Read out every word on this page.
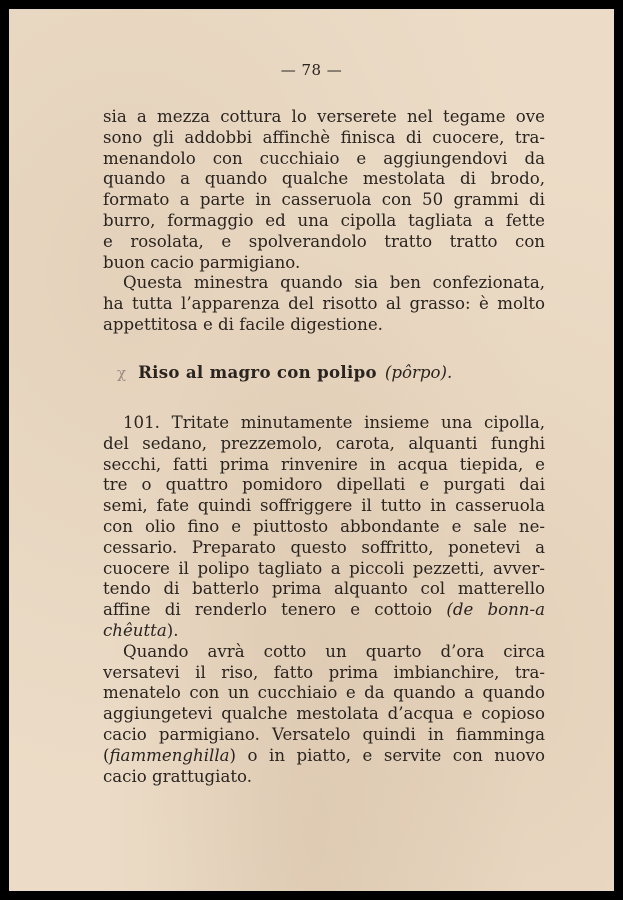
— 78 —
sia a mezza cottura lo verserete nel tegame ove
sono gli addobbi affinchè finisca di cuocere, tra-
menandolo con cucchiaio e aggiungendovi da
quando a quando qualche mestolata di brodo,
formato a parte in casseruola con 50 grammi di
burro, formaggio ed una cipolla tagliata a fette
e rosolata, e spolverandolo tratto tratto con
buon cacio parmigiano.
Questa minestra quando sia ben confezionata,
ha tutta l’apparenza del risotto al grasso: è molto
appettitosa e di facile digestione.
χ Riso al magro con polipo (pôrpo).
101. Tritate minutamente insieme una cipolla,
del sedano, prezzemolo, carota, alquanti funghi
secchi, fatti prima rinvenire in acqua tiepida, e
tre o quattro pomidoro dipellati e purgati dai
semi, fate quindi soffriggere il tutto in casseruola
con olio fino e piuttosto abbondante e sale ne-
cessario. Preparato questo soffritto, ponetevi a
cuocere il polipo tagliato a piccoli pezzetti, avver-
tendo di batterlo prima alquanto col matterello
affine di renderlo tenero e cottoio (de bonn-a
chêutta).
Quando avrà cotto un quarto d’ora circa
versatevi il riso, fatto prima imbianchire, tra-
menatelo con un cucchiaio e da quando a quando
aggiungetevi qualche mestolata d’acqua e copioso
cacio parmigiano. Versatelo quindi in fiamminga
(fiammenghilla) o in piatto, e servite con nuovo
cacio grattugiato.
